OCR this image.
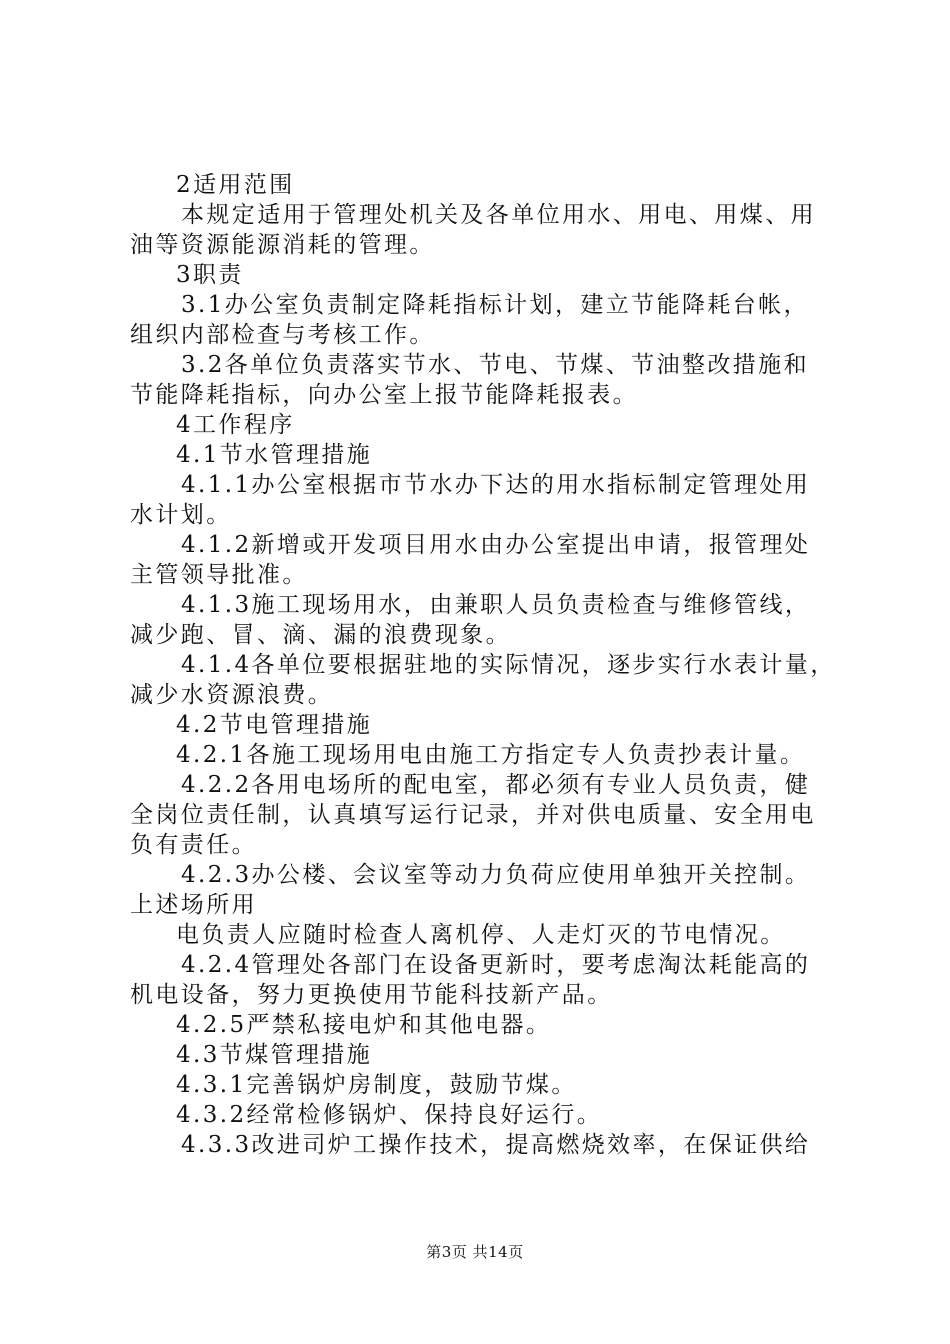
2适用范围
本规定适用于管理处机关及各单位用水、用电、用煤、用
油等资源能源消耗的管理。
3职责
3.1办公室负责制定降耗指标计划，建立节能降耗台帐，
组织内部检查与考核工作。
3.2各单位负责落实节水、节电、节煤、节油整改措施和
节能降耗指标，向办公室上报节能降耗报表。
4工作程序
4.1节水管理措施
4.1.1办公室根据市节水办下达的用水指标制定管理处用
水计划。
4.1.2新增或开发项目用水由办公室提出申请，报管理处
主管领导批准。
4.1.3施工现场用水，由兼职人员负责检查与维修管线，
减少跑、冒、滴、漏的浪费现象。
4.1.4各单位要根据驻地的实际情况，逐步实行水表计量，
减少水资源浪费。
4.2节电管理措施
4.2.1各施工现场用电由施工方指定专人负责抄表计量。
4.2.2各用电场所的配电室，都必须有专业人员负责，健
全岗位责任制，认真填写运行记录，并对供电质量、安全用电
负有责任。
4.2.3办公楼、会议室等动力负荷应使用单独开关控制。
上述场所用
电负责人应随时检查人离机停、人走灯灭的节电情况。
4.2.4管理处各部门在设备更新时，要考虑淘汰耗能高的
机电设备，努力更换使用节能科技新产品。
4.2.5严禁私接电炉和其他电器。
4.3节煤管理措施
4.3.1完善锅炉房制度，鼓励节煤。
4.3.2经常检修锅炉、保持良好运行。
4.3.3改进司炉工操作技术，提高燃烧效率，在保证供给
第3页 共14页
